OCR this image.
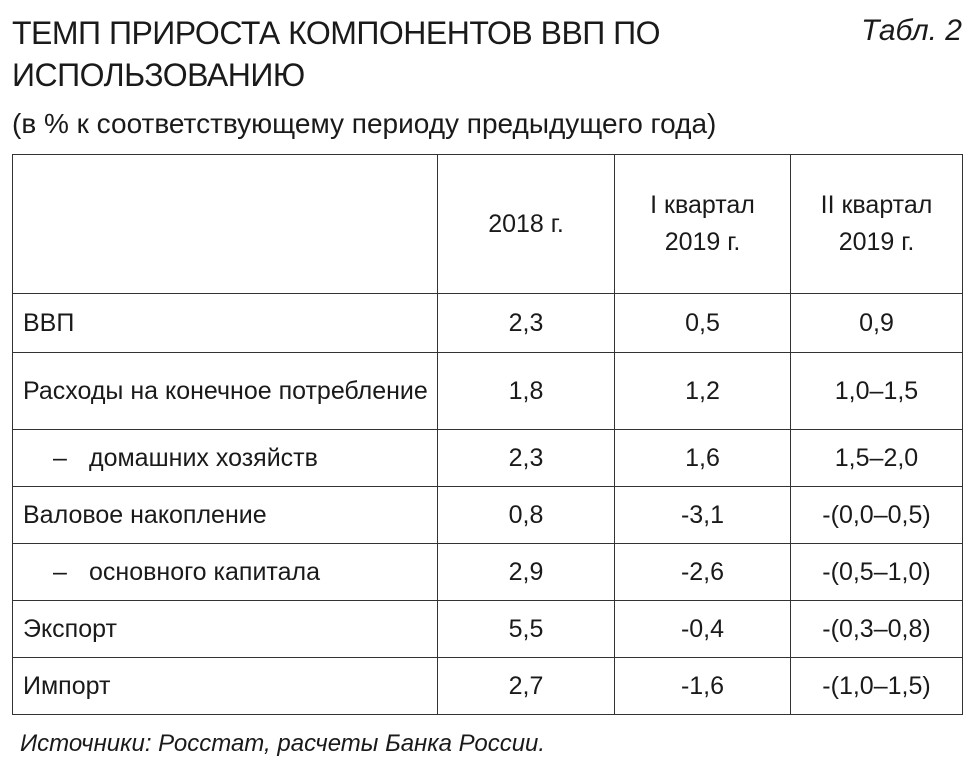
ТЕМП ПРИРОСТА КОМПОНЕНТОВ ВВП ПО ИСПОЛЬЗОВАНИЮ
Табл. 2
(в % к соответствующему периоду предыдущего года)
	2018 г.	I квартал 2019 г.	II квартал 2019 г.
ВВП	2,3	0,5	0,9
Расходы на конечное потребление	1,8	1,2	1,0–1,5
– домашних хозяйств	2,3	1,6	1,5–2,0
Валовое накопление	0,8	-3,1	-(0,0–0,5)
– основного капитала	2,9	-2,6	-(0,5–1,0)
Экспорт	5,5	-0,4	-(0,3–0,8)
Импорт	2,7	-1,6	-(1,0–1,5)
Источники: Росстат, расчеты Банка России.
